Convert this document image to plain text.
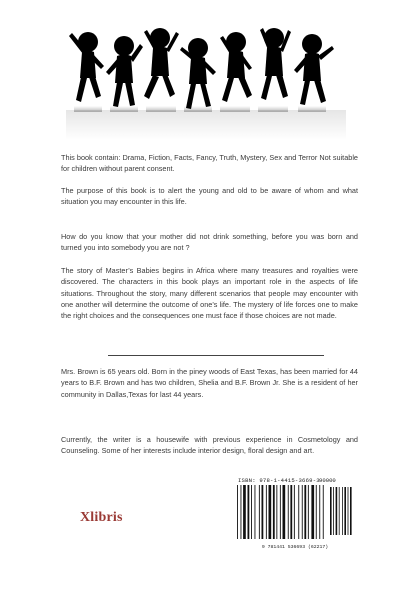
This book contain: Drama, Fiction, Facts, Fancy, Truth, Mystery, Sex and Terror Not suitable for children without parent consent.

The purpose of this book is to alert the young and old to be aware of whom and what situation you may encounter in this life.

How do you know that your mother did not drink something, before you was born and turned you into somebody you are not ?

The story of Master’s Babies begins in Africa where many treasures and royalties were discovered. The characters in this book plays an important role in the aspects of life situations. Throughout the story, many different scenarios that people may encounter with one another will determine the outcome of one’s life. The mystery of life forces one to make the right choices and the consequences one must face if those choices are not made.

Mrs. Brown is 65 years old. Born in the piney woods of East Texas, has been married for 44 years to B.F. Brown and has two children, Shelia and B.F. Brown Jr. She is a resident of her community in Dallas,Texas for last 44 years.

Currently, the writer is a housewife with previous experience in Cosmetology and Counseling. Some of her interests include interior design, floral design and art.

Xlibris
ISBN: 978-1-4415-3669-3 90000
9 781441 536693 (62217)
